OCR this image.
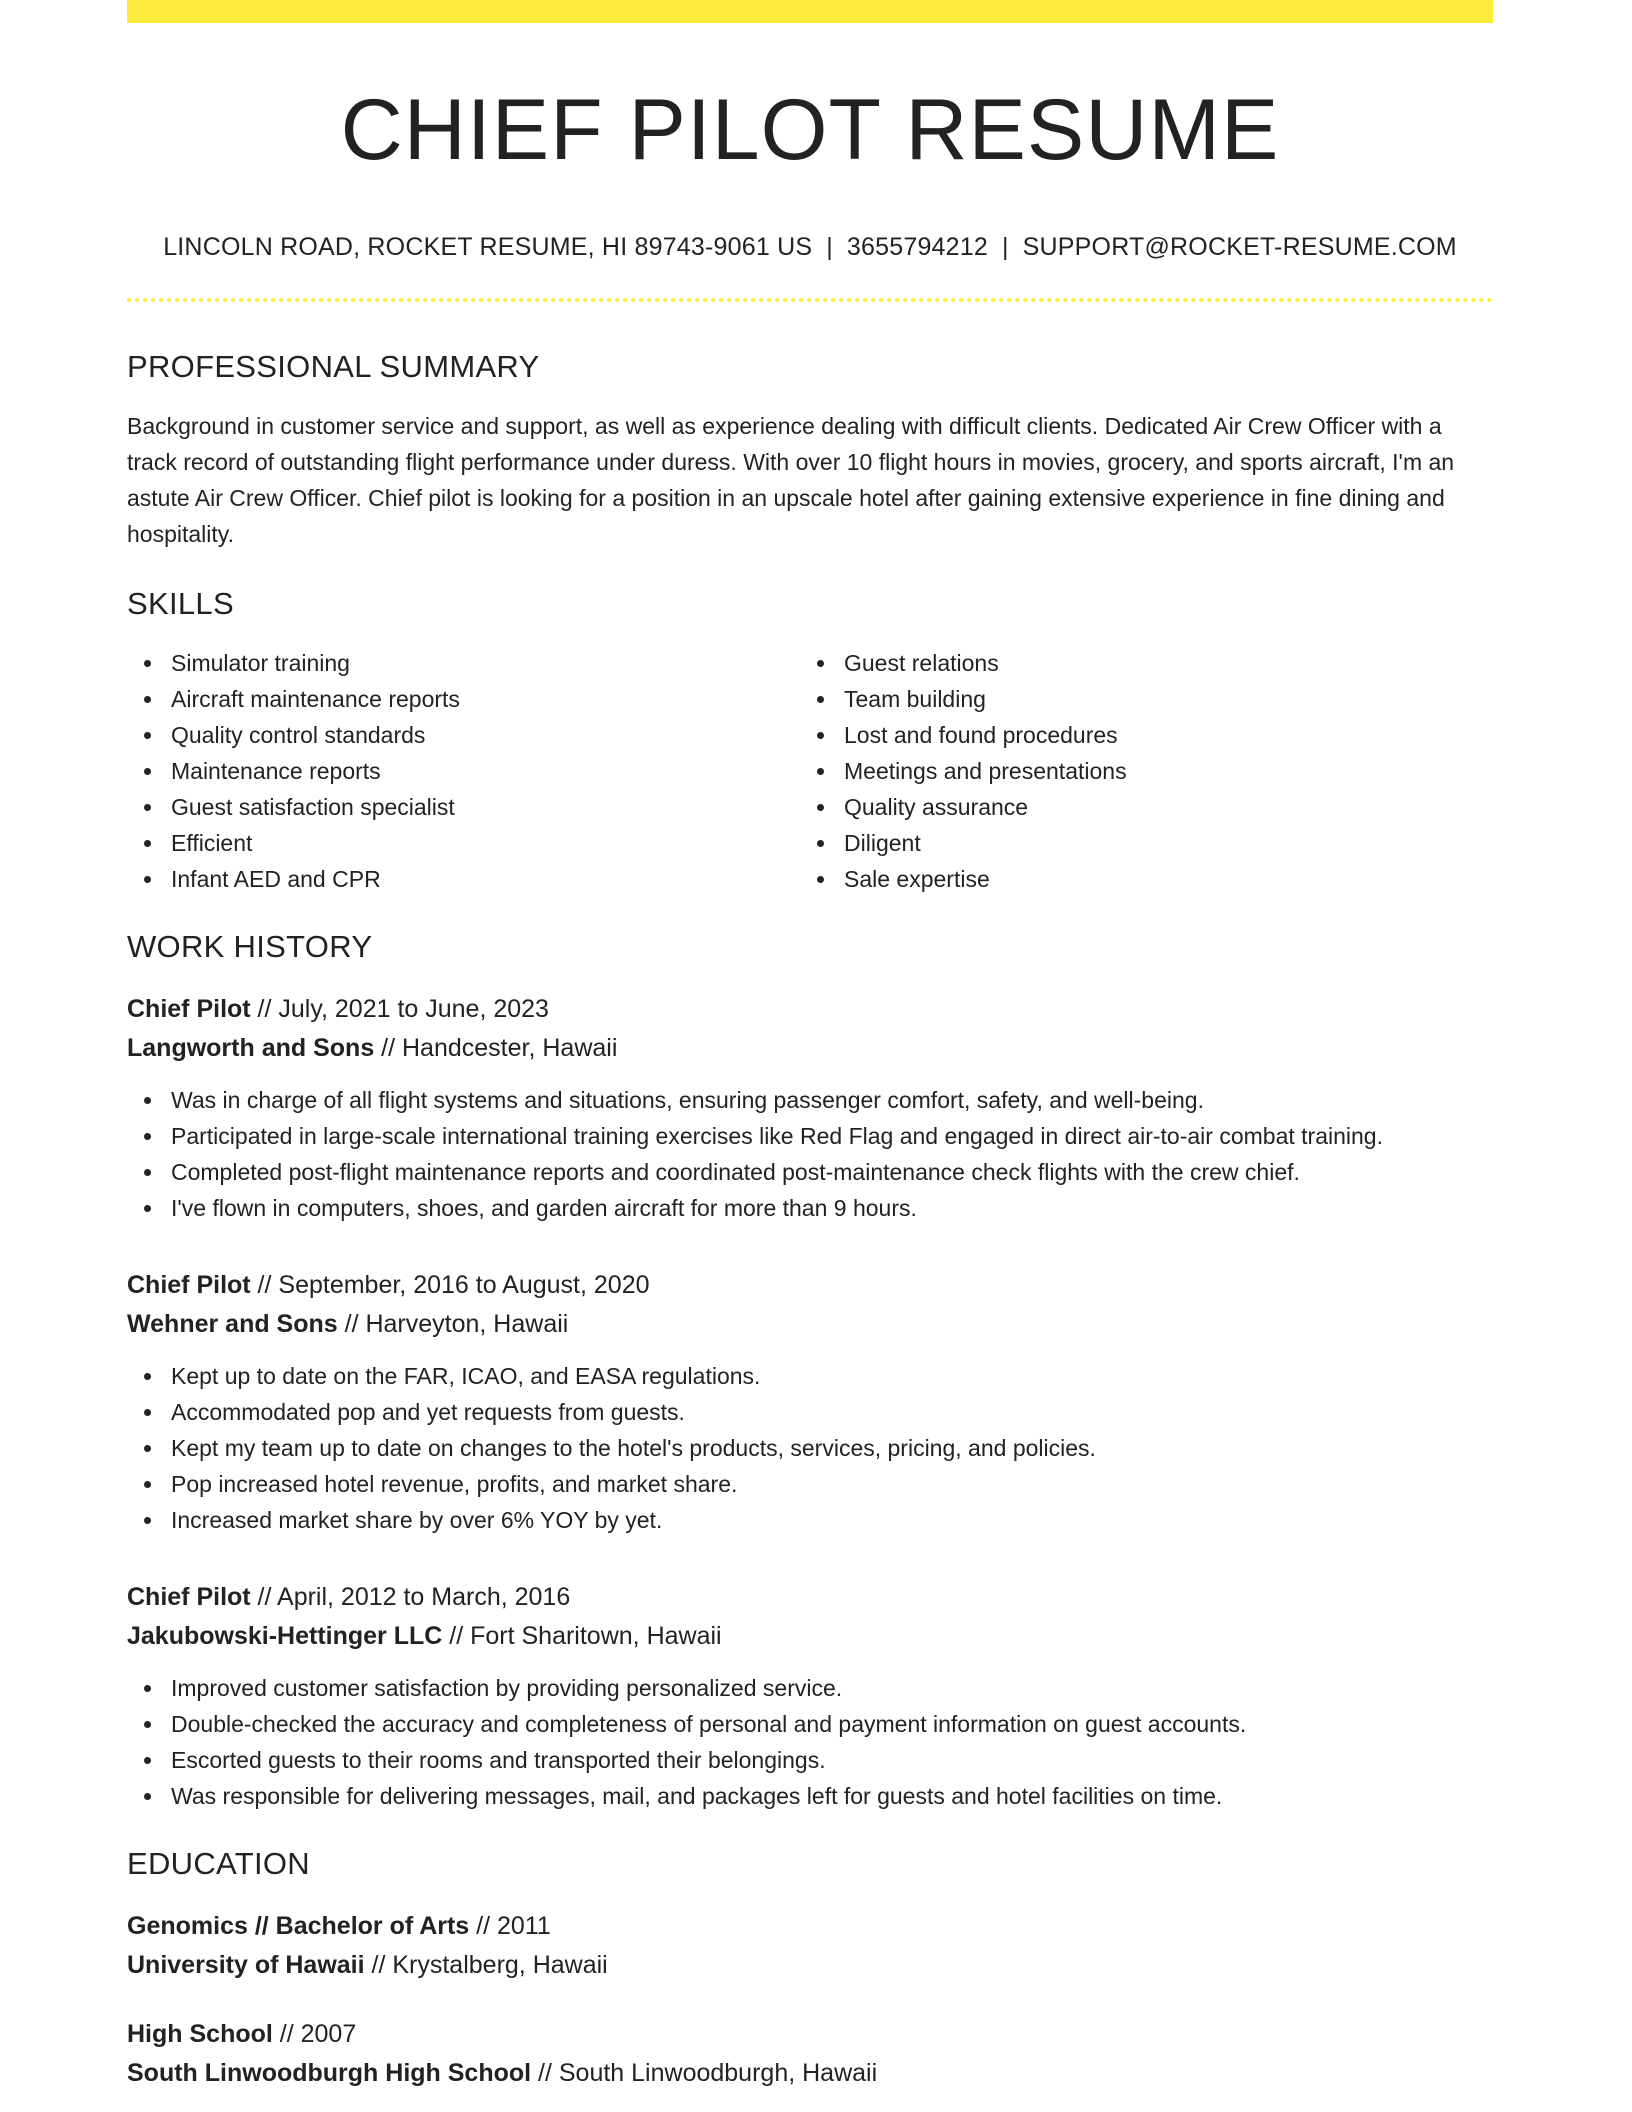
CHIEF PILOT RESUME
LINCOLN ROAD, ROCKET RESUME, HI 89743-9061 US | 3655794212 | SUPPORT@ROCKET-RESUME.COM
PROFESSIONAL SUMMARY
Background in customer service and support, as well as experience dealing with difficult clients. Dedicated Air Crew Officer with a track record of outstanding flight performance under duress. With over 10 flight hours in movies, grocery, and sports aircraft, I'm an astute Air Crew Officer. Chief pilot is looking for a position in an upscale hotel after gaining extensive experience in fine dining and hospitality.
SKILLS
Simulator training
Aircraft maintenance reports
Quality control standards
Maintenance reports
Guest satisfaction specialist
Efficient
Infant AED and CPR
Guest relations
Team building
Lost and found procedures
Meetings and presentations
Quality assurance
Diligent
Sale expertise
WORK HISTORY
Chief Pilot // July, 2021 to June, 2023
Langworth and Sons // Handcester, Hawaii
Was in charge of all flight systems and situations, ensuring passenger comfort, safety, and well-being.
Participated in large-scale international training exercises like Red Flag and engaged in direct air-to-air combat training.
Completed post-flight maintenance reports and coordinated post-maintenance check flights with the crew chief.
I've flown in computers, shoes, and garden aircraft for more than 9 hours.
Chief Pilot // September, 2016 to August, 2020
Wehner and Sons // Harveyton, Hawaii
Kept up to date on the FAR, ICAO, and EASA regulations.
Accommodated pop and yet requests from guests.
Kept my team up to date on changes to the hotel's products, services, pricing, and policies.
Pop increased hotel revenue, profits, and market share.
Increased market share by over 6% YOY by yet.
Chief Pilot // April, 2012 to March, 2016
Jakubowski-Hettinger LLC // Fort Sharitown, Hawaii
Improved customer satisfaction by providing personalized service.
Double-checked the accuracy and completeness of personal and payment information on guest accounts.
Escorted guests to their rooms and transported their belongings.
Was responsible for delivering messages, mail, and packages left for guests and hotel facilities on time.
EDUCATION
Genomics // Bachelor of Arts // 2011
University of Hawaii // Krystalberg, Hawaii
High School // 2007
South Linwoodburgh High School // South Linwoodburgh, Hawaii
